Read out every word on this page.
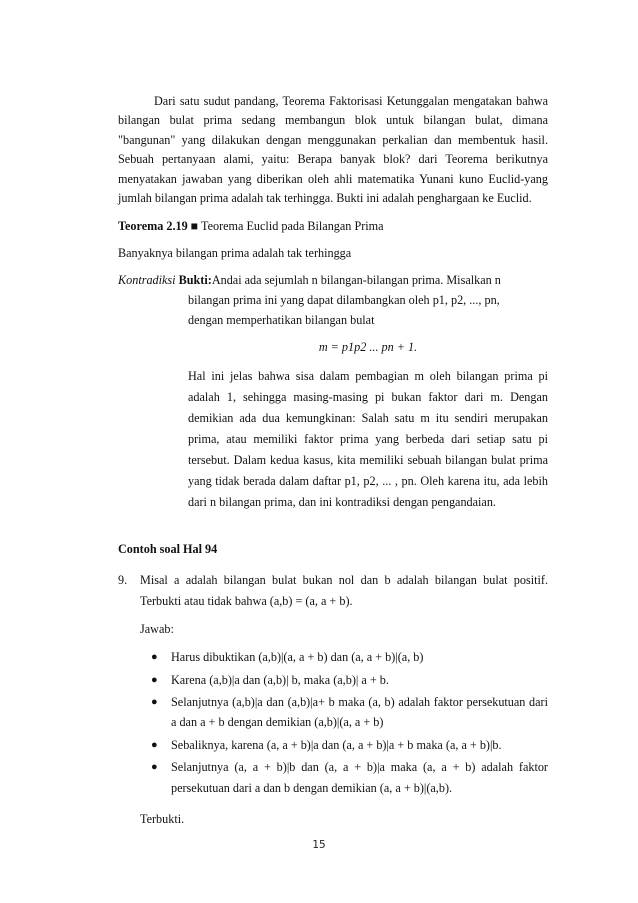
Dari satu sudut pandang, Teorema Faktorisasi Ketunggalan mengatakan bahwa bilangan bulat prima sedang membangun blok untuk bilangan bulat, dimana "bangunan" yang dilakukan dengan menggunakan perkalian dan membentuk hasil. Sebuah pertanyaan alami, yaitu: Berapa banyak blok? dari Teorema berikutnya menyatakan jawaban yang diberikan oleh ahli matematika Yunani kuno Euclid-yang jumlah bilangan prima adalah tak terhingga. Bukti ini adalah penghargaan ke Euclid.

Teorema 2.19 ■ Teorema Euclid pada Bilangan Prima

Banyaknya bilangan prima adalah tak terhingga

Kontradiksi Bukti:Andai ada sejumlah n bilangan-bilangan prima. Misalkan n

bilangan prima ini yang dapat dilambangkan oleh p1, p2, ..., pn,

dengan memperhatikan bilangan bulat

m = p1p2 ... pn + 1.

Hal ini jelas bahwa sisa dalam pembagian m oleh bilangan prima pi adalah 1, sehingga masing-masing pi bukan faktor dari m. Dengan demikian ada dua kemungkinan: Salah satu m itu sendiri merupakan prima, atau memiliki faktor prima yang berbeda dari setiap satu pi tersebut. Dalam kedua kasus, kita memiliki sebuah bilangan bulat prima yang tidak berada dalam daftar p1, p2, ... , pn. Oleh karena itu, ada lebih dari n bilangan prima, dan ini kontradiksi dengan pengandaian.

Contoh soal Hal 94

9. Misal a adalah bilangan bulat bukan nol dan b adalah bilangan bulat positif. Terbukti atau tidak bahwa (a,b) = (a, a + b).

Jawab:

● Harus dibuktikan (a,b)|(a, a + b) dan (a, a + b)|(a, b)
● Karena (a,b)|a dan (a,b)| b, maka (a,b)| a + b.
● Selanjutnya (a,b)|a dan (a,b)|a+ b maka (a, b) adalah faktor persekutuan dari a dan a + b dengan demikian (a,b)|(a, a + b)
● Sebaliknya, karena (a, a + b)|a dan (a, a + b)|a + b maka (a, a + b)|b.
● Selanjutnya (a, a + b)|b dan (a, a + b)|a maka (a, a + b) adalah faktor persekutuan dari a dan b dengan demikian (a, a + b)|(a,b).

Terbukti.

15
